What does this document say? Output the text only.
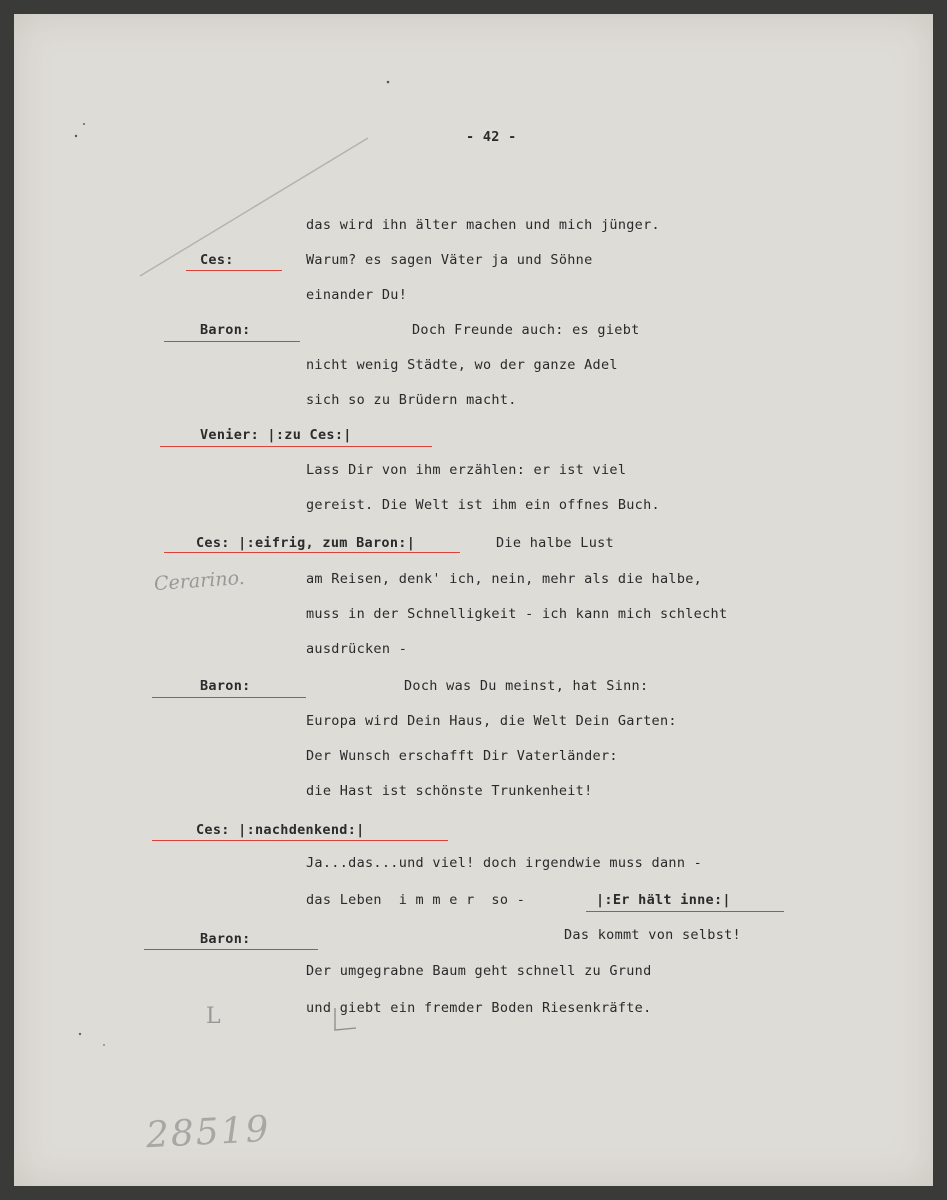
- 42 -
das wird ihn älter machen und mich jünger.
Ces:	Warum? es sagen Väter ja und Söhne
einander Du!
Baron:	Doch Freunde auch: es giebt
nicht wenig Städte, wo der ganze Adel
sich so zu Brüdern macht.
Venier: |:zu Ces:|
Lass Dir von ihm erzählen: er ist viel
gereist. Die Welt ist ihm ein offnes Buch.
Ces: |:eifrig, zum Baron:|	Die halbe Lust
Cerarino.	am Reisen, denk' ich, nein, mehr als die halbe,
muss in der Schnelligkeit - ich kann mich schlecht
ausdrücken -
Baron:	Doch was Du meinst, hat Sinn:
Europa wird Dein Haus, die Welt Dein Garten:
Der Wunsch erschafft Dir Vaterländer:
die Hast ist schönste Trunkenheit!
Ces: |:nachdenkend:|
Ja...das...und viel! doch irgendwie muss dann -
das Leben  i m m e r  so -	|:Er hält inne:|
Baron:	Das kommt von selbst!
Der umgegrabne Baum geht schnell zu Grund
und giebt ein fremder Boden Riesenkräfte.
L
28519
